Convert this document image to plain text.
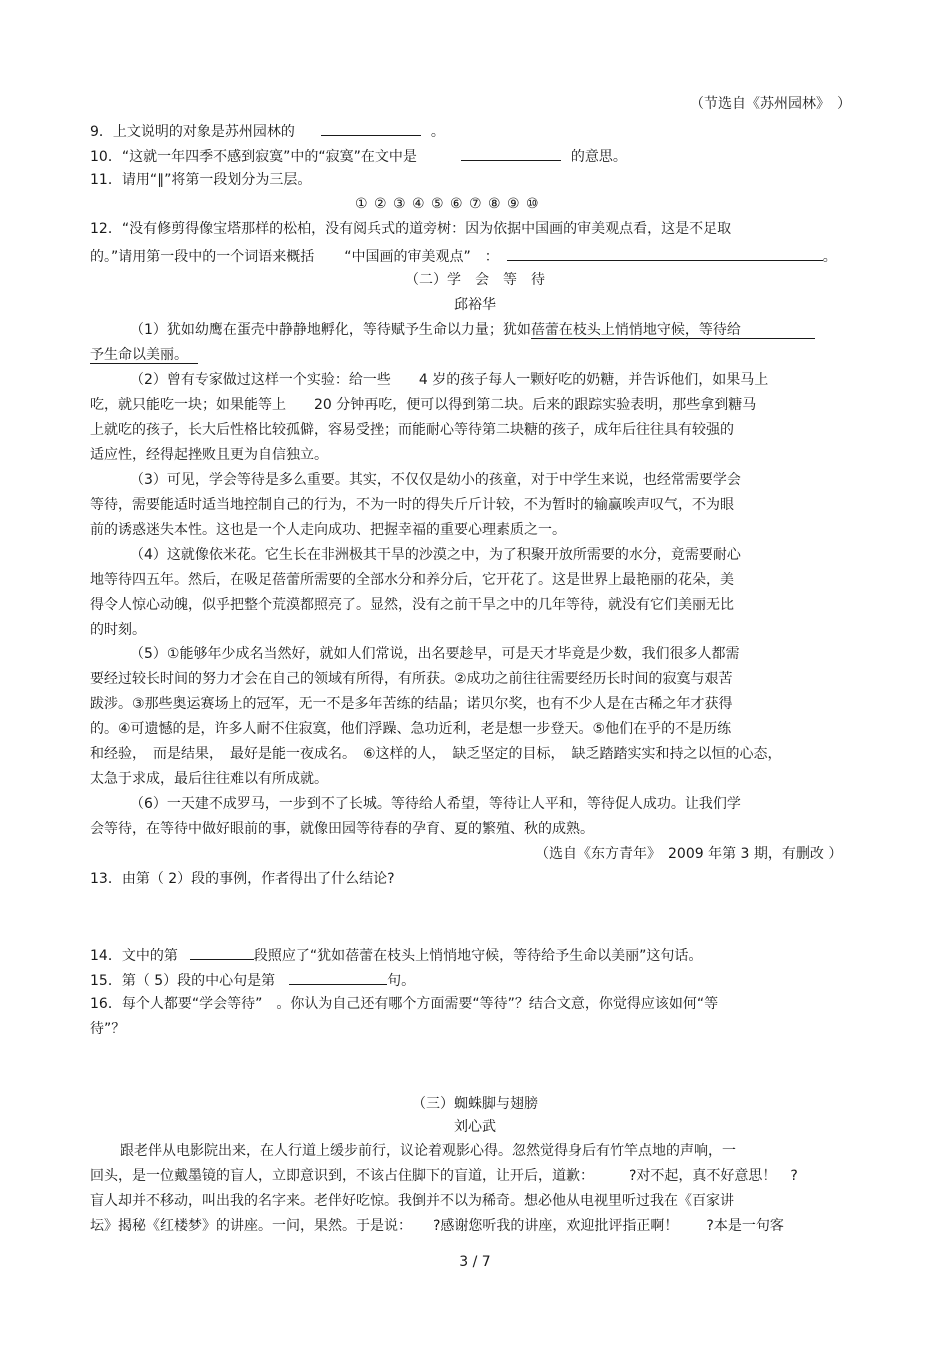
（节选自《苏州园林》　）
9．上文说明的对象是苏州园林的	。
10．“这就一年四季不感到寂寞”中的“寂寞”在文中是	的意思。
11．请用“∥”将第一段划分为三层。
① ② ③ ④ ⑤ ⑥ ⑦ ⑧ ⑨ ⑩
12．“没有修剪得像宝塔那样的松柏，没有阅兵式的道旁树：因为依据中国画的审美观点看，这是不足取
的。”请用第一段中的一个词语来概括 “中国画的审美观点” ：	。
（二）学　会　等　待
邱裕华
（1）犹如幼鹰在蛋壳中静静地孵化，等待赋予生命以力量；犹如蓓蕾在枝头上悄悄地守候，等待给
予生命以美丽。
（2）曾有专家做过这样一个实验：给一些　　4 岁的孩子每人一颗好吃的奶糖，并告诉他们，如果马上
吃，就只能吃一块；如果能等上　　20 分钟再吃，便可以得到第二块。后来的跟踪实验表明，那些拿到糖马
上就吃的孩子，长大后性格比较孤僻，容易受挫；而能耐心等待第二块糖的孩子，成年后往往具有较强的
适应性，经得起挫败且更为自信独立。
（3）可见，学会等待是多么重要。其实，不仅仅是幼小的孩童，对于中学生来说，也经常需要学会
等待，需要能适时适当地控制自己的行为，不为一时的得失斤斤计较，不为暂时的输赢唉声叹气，不为眼
前的诱惑迷失本性。这也是一个人走向成功、把握幸福的重要心理素质之一。
（4）这就像依米花。它生长在非洲极其干旱的沙漠之中，为了积聚开放所需要的水分，竟需要耐心
地等待四五年。然后，在吸足蓓蕾所需要的全部水分和养分后，它开花了。这是世界上最艳丽的花朵，美
得令人惊心动魄，似乎把整个荒漠都照亮了。显然，没有之前干旱之中的几年等待，就没有它们美丽无比
的时刻。
（5）①能够年少成名当然好，就如人们常说，出名要趁早，可是天才毕竟是少数，我们很多人都需
要经过较长时间的努力才会在自己的领域有所得，有所获。②成功之前往往需要经历长时间的寂寞与艰苦
跋涉。③那些奥运赛场上的冠军，无一不是多年苦练的结晶；诺贝尔奖，也有不少人是在古稀之年才获得
的。④可遗憾的是，许多人耐不住寂寞，他们浮躁、急功近利，老是想一步登天。⑤他们在乎的不是历练
和经验，　而是结果，　最好是能一夜成名。　⑥这样的人，　缺乏坚定的目标，　缺乏踏踏实实和持之以恒的心态，
太急于求成，最后往往难以有所成就。
（6）一天建不成罗马，一步到不了长城。等待给人希望，等待让人平和，等待促人成功。让我们学
会等待，在等待中做好眼前的事，就像田园等待春的孕育、夏的繁殖、秋的成熟。
（选自《东方青年》　2009 年第 3 期，有删改 ）
13．由第（ 2）段的事例，作者得出了什么结论?
14．文中的第	段照应了“犹如蓓蕾在枝头上悄悄地守候，等待给予生命以美丽”这句话。
15．第（ 5）段的中心句是第	句。
16．每个人都要“学会等待”　。你认为自己还有哪个方面需要“等待”？结合文意，你觉得应该如何“等
待”？
（三）蜘蛛脚与翅膀
刘心武
跟老伴从电影院出来，在人行道上缓步前行，议论着观影心得。忽然觉得身后有竹竿点地的声响，一
回头，是一位戴墨镜的盲人，立即意识到，不该占住脚下的盲道，让开后，道歉：　　　?对不起，真不好意思！　?
盲人却并不移动，叫出我的名字来。老伴好吃惊。我倒并不以为稀奇。想必他从电视里听过我在《百家讲
坛》揭秘《红楼梦》的讲座。一问，果然。于是说：　　?感谢您听我的讲座，欢迎批评指正啊！　　?本是一句客
3 / 7
